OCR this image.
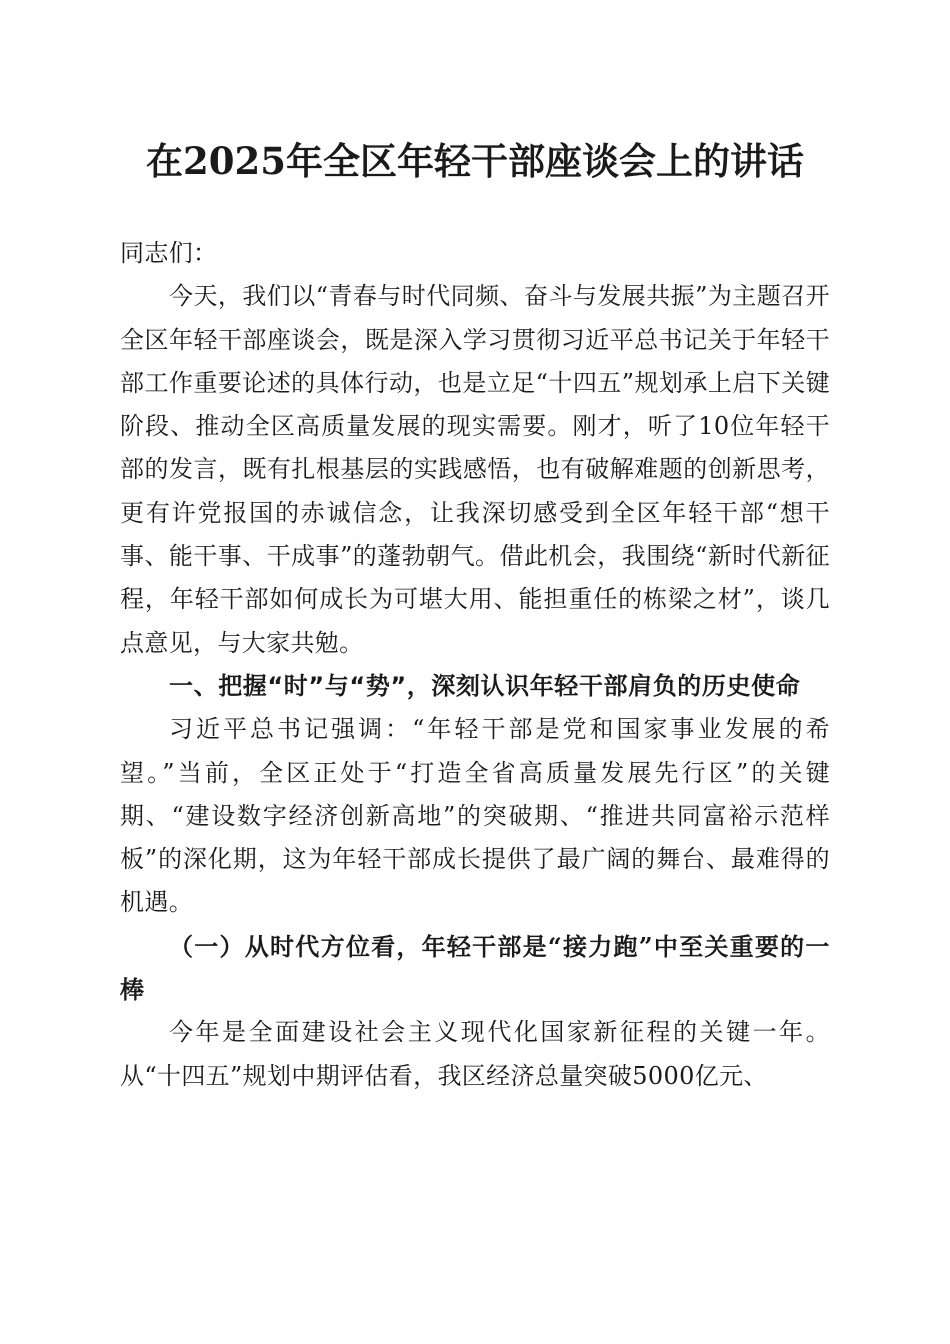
在2025年全区年轻干部座谈会上的讲话

同志们：

今天，我们以“青春与时代同频、奋斗与发展共振”为主题召开全区年轻干部座谈会，既是深入学习贯彻习近平总书记关于年轻干部工作重要论述的具体行动，也是立足“十四五”规划承上启下关键阶段、推动全区高质量发展的现实需要。刚才，听了10位年轻干部的发言，既有扎根基层的实践感悟，也有破解难题的创新思考，更有许党报国的赤诚信念，让我深切感受到全区年轻干部“想干事、能干事、干成事”的蓬勃朝气。借此机会，我围绕“新时代新征程，年轻干部如何成长为可堪大用、能担重任的栋梁之材”，谈几点意见，与大家共勉。

一、把握“时”与“势”，深刻认识年轻干部肩负的历史使命

习近平总书记强调：“年轻干部是党和国家事业发展的希望。”当前，全区正处于“打造全省高质量发展先行区”的关键期、“建设数字经济创新高地”的突破期、“推进共同富裕示范样板”的深化期，这为年轻干部成长提供了最广阔的舞台、最难得的机遇。

（一）从时代方位看，年轻干部是“接力跑”中至关重要的一棒

今年是全面建设社会主义现代化国家新征程的关键一年。从“十四五”规划中期评估看，我区经济总量突破5000亿元、
